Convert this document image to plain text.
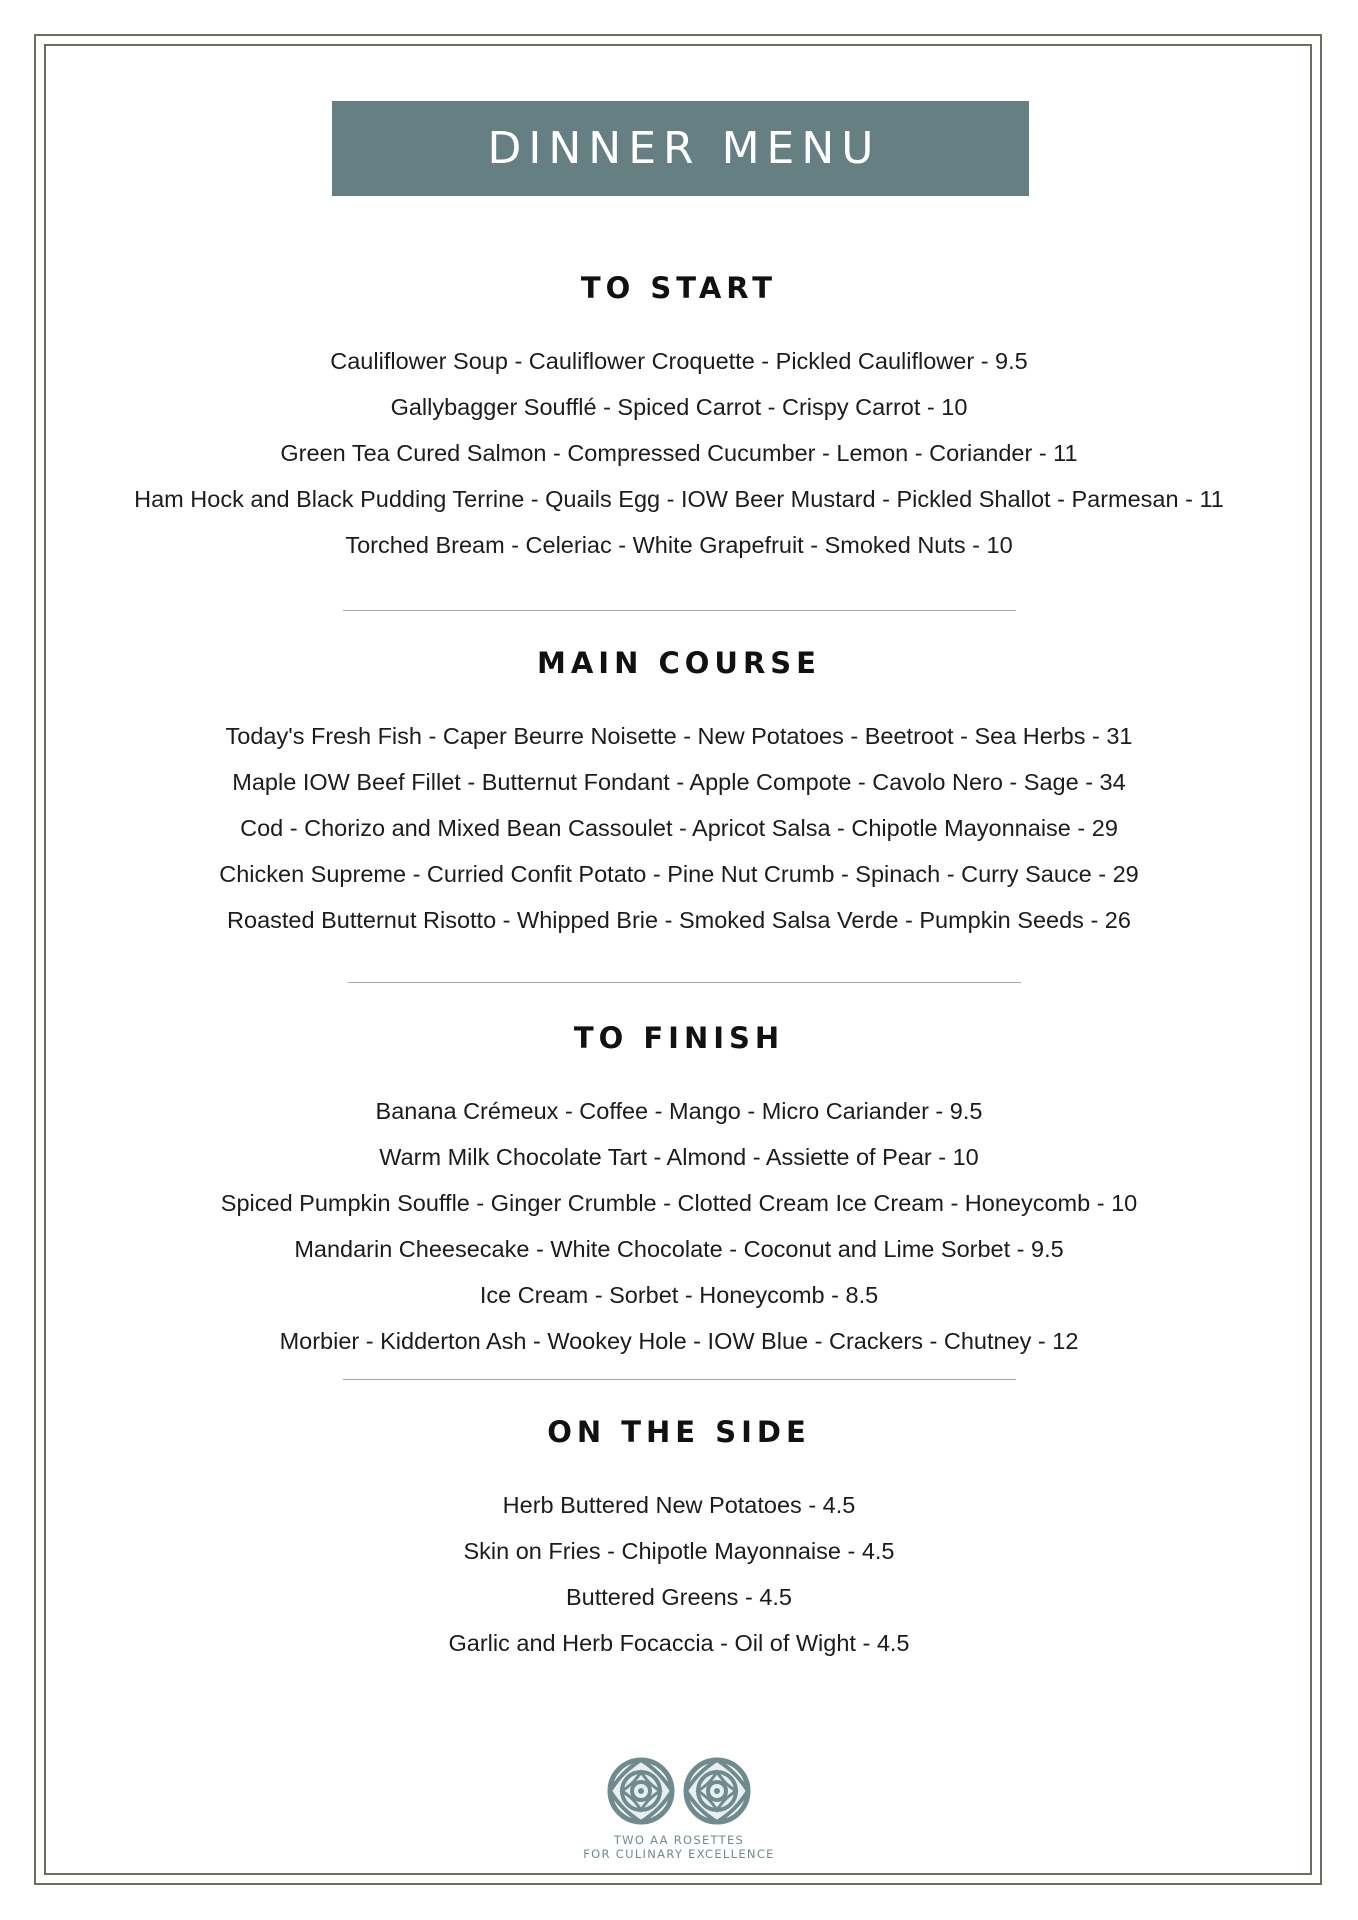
DINNER MENU
TO START
Cauliflower Soup - Cauliflower Croquette - Pickled Cauliflower - 9.5
Gallybagger Soufflé - Spiced Carrot - Crispy Carrot - 10
Green Tea Cured Salmon - Compressed Cucumber - Lemon - Coriander - 11
Ham Hock and Black Pudding Terrine - Quails Egg - IOW Beer Mustard - Pickled Shallot - Parmesan - 11
Torched Bream - Celeriac - White Grapefruit - Smoked Nuts - 10
MAIN COURSE
Today's Fresh Fish - Caper Beurre Noisette - New Potatoes - Beetroot - Sea Herbs - 31
Maple IOW Beef Fillet - Butternut Fondant - Apple Compote - Cavolo Nero - Sage - 34
Cod - Chorizo and Mixed Bean Cassoulet - Apricot Salsa - Chipotle Mayonnaise - 29
Chicken Supreme - Curried Confit Potato - Pine Nut Crumb - Spinach - Curry Sauce - 29
Roasted Butternut Risotto - Whipped Brie - Smoked Salsa Verde - Pumpkin Seeds - 26
TO FINISH
Banana Crémeux - Coffee - Mango - Micro Cariander - 9.5
Warm Milk Chocolate Tart - Almond - Assiette of Pear - 10
Spiced Pumpkin Souffle - Ginger Crumble - Clotted Cream Ice Cream - Honeycomb - 10
Mandarin Cheesecake - White Chocolate - Coconut and Lime Sorbet - 9.5
Ice Cream - Sorbet - Honeycomb - 8.5
Morbier - Kidderton Ash - Wookey Hole - IOW Blue - Crackers - Chutney - 12
ON THE SIDE
Herb Buttered New Potatoes - 4.5
Skin on Fries - Chipotle Mayonnaise - 4.5
Buttered Greens - 4.5
Garlic and Herb Focaccia - Oil of Wight - 4.5
TWO AA ROSETTES
FOR CULINARY EXCELLENCE
